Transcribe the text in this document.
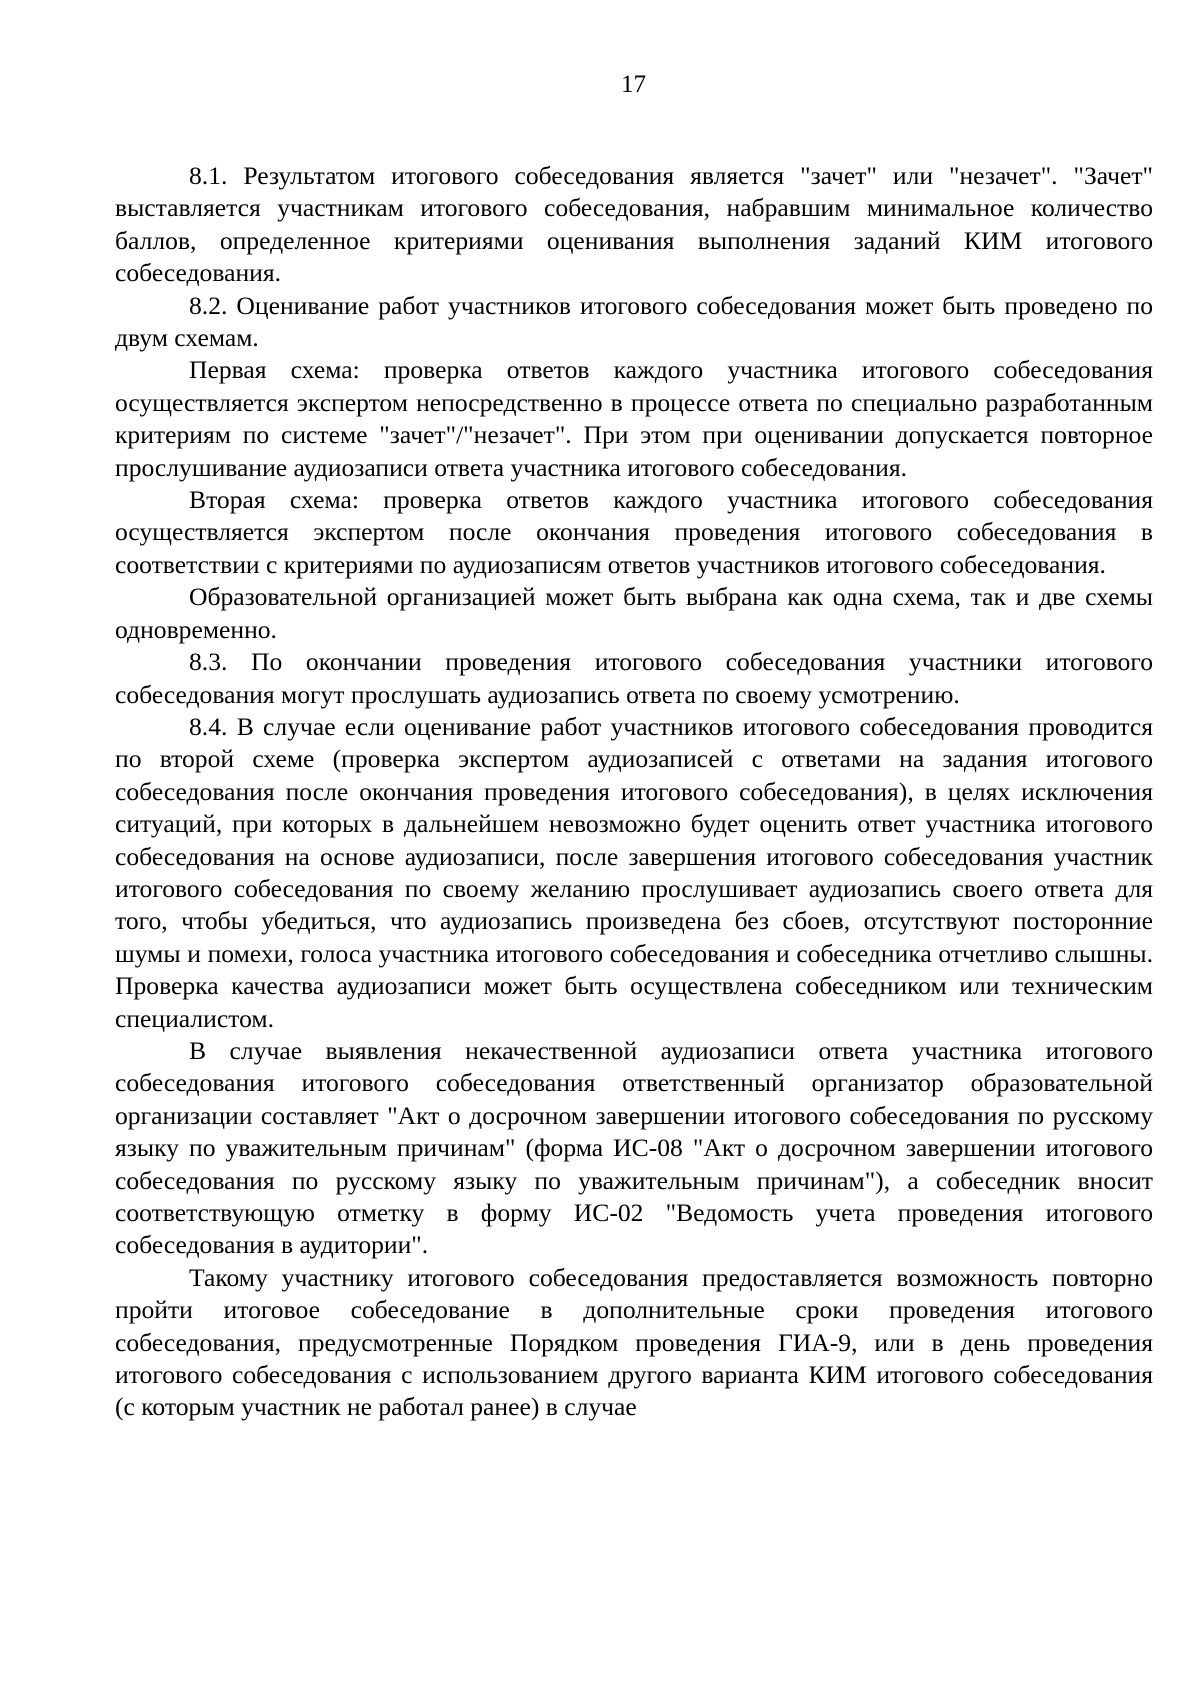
17

8.1. Результатом итогового собеседования является "зачет" или "незачет". "Зачет" выставляется участникам итогового собеседования, набравшим минимальное количество баллов, определенное критериями оценивания выполнения заданий КИМ итогового собеседования.

8.2. Оценивание работ участников итогового собеседования может быть проведено по двум схемам.

Первая схема: проверка ответов каждого участника итогового собеседования осуществляется экспертом непосредственно в процессе ответа по специально разработанным критериям по системе "зачет"/"незачет". При этом при оценивании допускается повторное прослушивание аудиозаписи ответа участника итогового собеседования.

Вторая схема: проверка ответов каждого участника итогового собеседования осуществляется экспертом после окончания проведения итогового собеседования в соответствии с критериями по аудиозаписям ответов участников итогового собеседования.

Образовательной организацией может быть выбрана как одна схема, так и две схемы одновременно.

8.3. По окончании проведения итогового собеседования участники итогового собеседования могут прослушать аудиозапись ответа по своему усмотрению.

8.4. В случае если оценивание работ участников итогового собеседования проводится по второй схеме (проверка экспертом аудиозаписей с ответами на задания итогового собеседования после окончания проведения итогового собеседования), в целях исключения ситуаций, при которых в дальнейшем невозможно будет оценить ответ участника итогового собеседования на основе аудиозаписи, после завершения итогового собеседования участник итогового собеседования по своему желанию прослушивает аудиозапись своего ответа для того, чтобы убедиться, что аудиозапись произведена без сбоев, отсутствуют посторонние шумы и помехи, голоса участника итогового собеседования и собеседника отчетливо слышны. Проверка качества аудиозаписи может быть осуществлена собеседником или техническим специалистом.

В случае выявления некачественной аудиозаписи ответа участника итогового собеседования итогового собеседования ответственный организатор образовательной организации составляет "Акт о досрочном завершении итогового собеседования по русскому языку по уважительным причинам" (форма ИС-08 "Акт о досрочном завершении итогового собеседования по русскому языку по уважительным причинам"), а собеседник вносит соответствующую отметку в форму ИС-02 "Ведомость учета проведения итогового собеседования в аудитории".

Такому участнику итогового собеседования предоставляется возможность повторно пройти итоговое собеседование в дополнительные сроки проведения итогового собеседования, предусмотренные Порядком проведения ГИА-9, или в день проведения итогового собеседования с использованием другого варианта КИМ итогового собеседования (с которым участник не работал ранее) в случае
